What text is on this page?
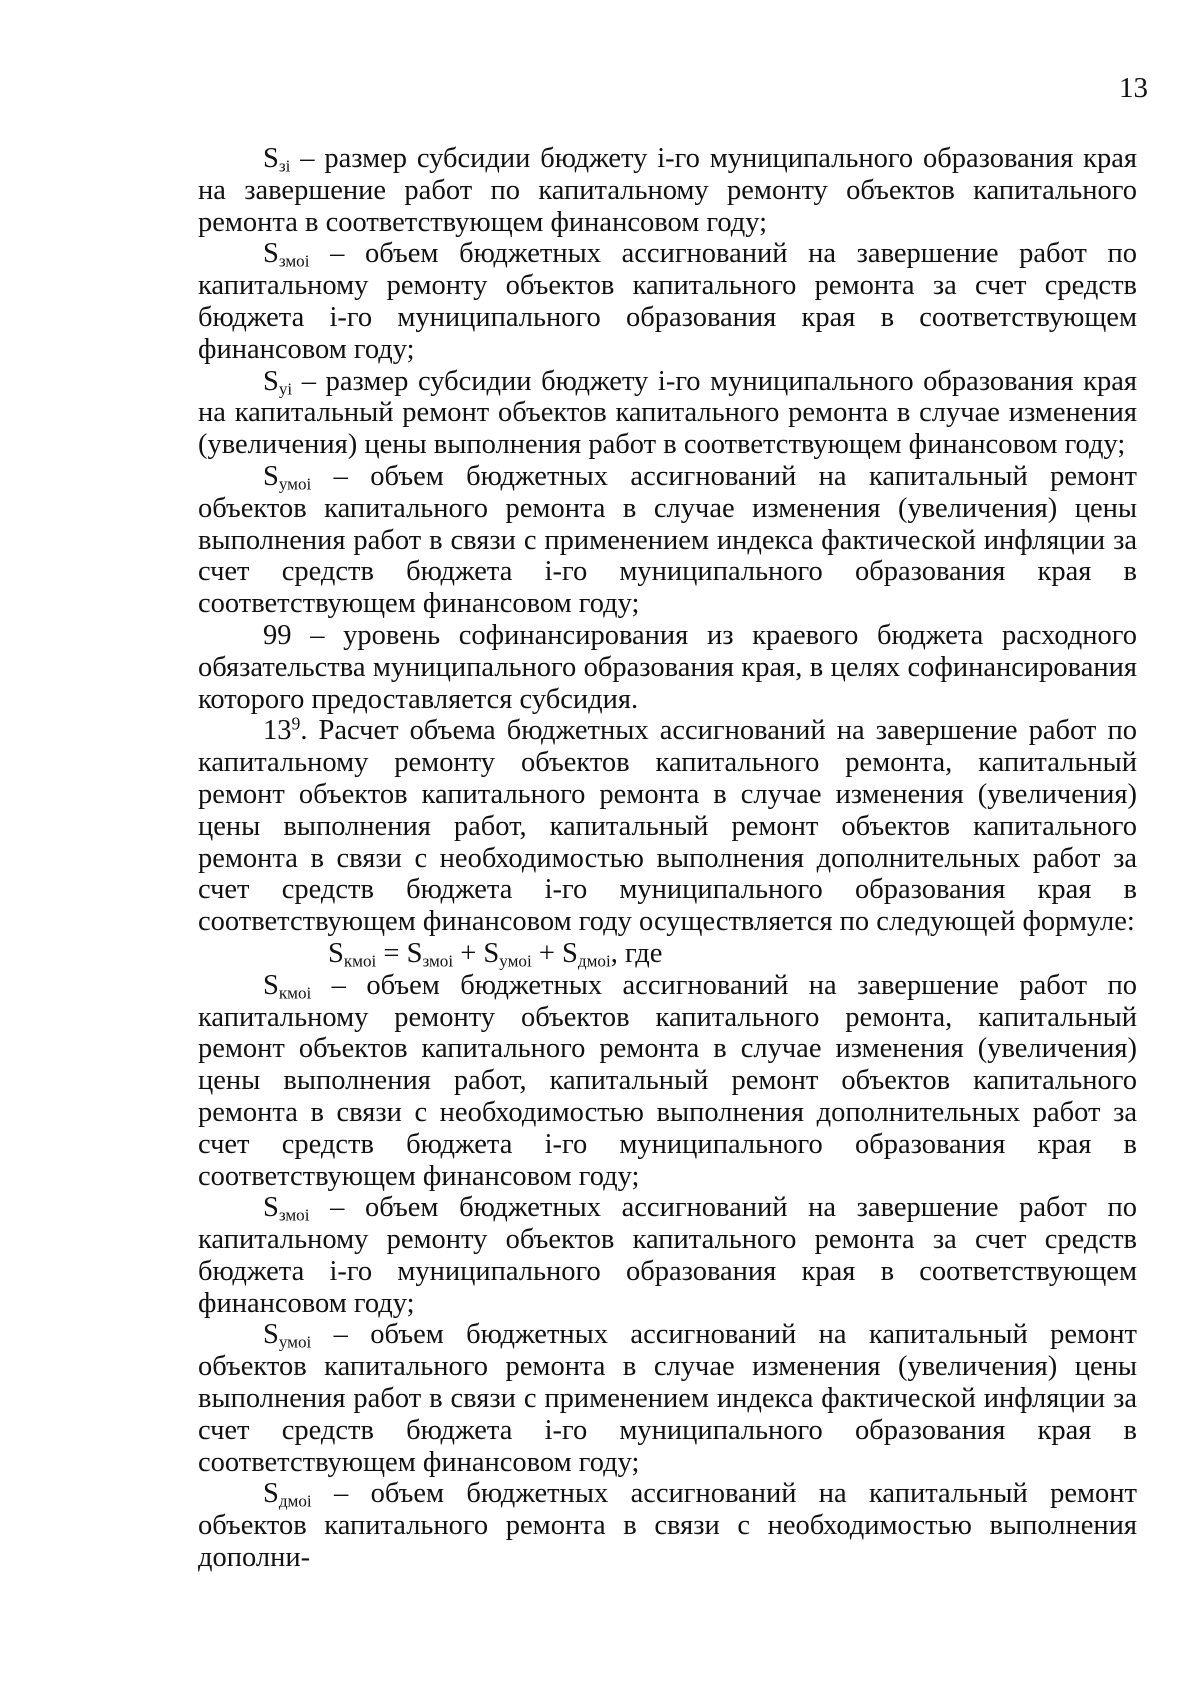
13

$S_{зi}$ – размер субсидии бюджету i-го муниципального образования края на завершение работ по капитальному ремонту объектов капитального ремонта в соответствующем финансовом году;

$S_{змоi}$ – объем бюджетных ассигнований на завершение работ по капитальному ремонту объектов капитального ремонта за счет средств бюджета i-го муниципального образования края в соответствующем финансовом году;

$S_{yi}$ – размер субсидии бюджету i-го муниципального образования края на капитальный ремонт объектов капитального ремонта в случае изменения (увеличения) цены выполнения работ в соответствующем финансовом году;

$S_{умоi}$ – объем бюджетных ассигнований на капитальный ремонт объектов капитального ремонта в случае изменения (увеличения) цены выполнения работ в связи с применением индекса фактической инфляции за счет средств бюджета i-го муниципального образования края в соответствующем финансовом году;

99 – уровень софинансирования из краевого бюджета расходного обязательства муниципального образования края, в целях софинансирования которого предоставляется субсидия.

$13^9$. Расчет объема бюджетных ассигнований на завершение работ по капитальному ремонту объектов капитального ремонта, капитальный ремонт объектов капитального ремонта в случае изменения (увеличения) цены выполнения работ, капитальный ремонт объектов капитального ремонта в связи с необходимостью выполнения дополнительных работ за счет средств бюджета i-го муниципального образования края в соответствующем финансовом году осуществляется по следующей формуле:

$S_{кмоi} = S_{змоi} + S_{умоi} + S_{дмоi}$, где

$S_{кмоi}$ – объем бюджетных ассигнований на завершение работ по капитальному ремонту объектов капитального ремонта, капитальный ремонт объектов капитального ремонта в случае изменения (увеличения) цены выполнения работ, капитальный ремонт объектов капитального ремонта в связи с необходимостью выполнения дополнительных работ за счет средств бюджета i-го муниципального образования края в соответствующем финансовом году;

$S_{змоi}$ – объем бюджетных ассигнований на завершение работ по капитальному ремонту объектов капитального ремонта за счет средств бюджета i-го муниципального образования края в соответствующем финансовом году;

$S_{умоi}$ – объем бюджетных ассигнований на капитальный ремонт объектов капитального ремонта в случае изменения (увеличения) цены выполнения работ в связи с применением индекса фактической инфляции за счет средств бюджета i-го муниципального образования края в соответствующем финансовом году;

$S_{дмоi}$ – объем бюджетных ассигнований на капитальный ремонт объектов капитального ремонта в связи с необходимостью выполнения дополни-
